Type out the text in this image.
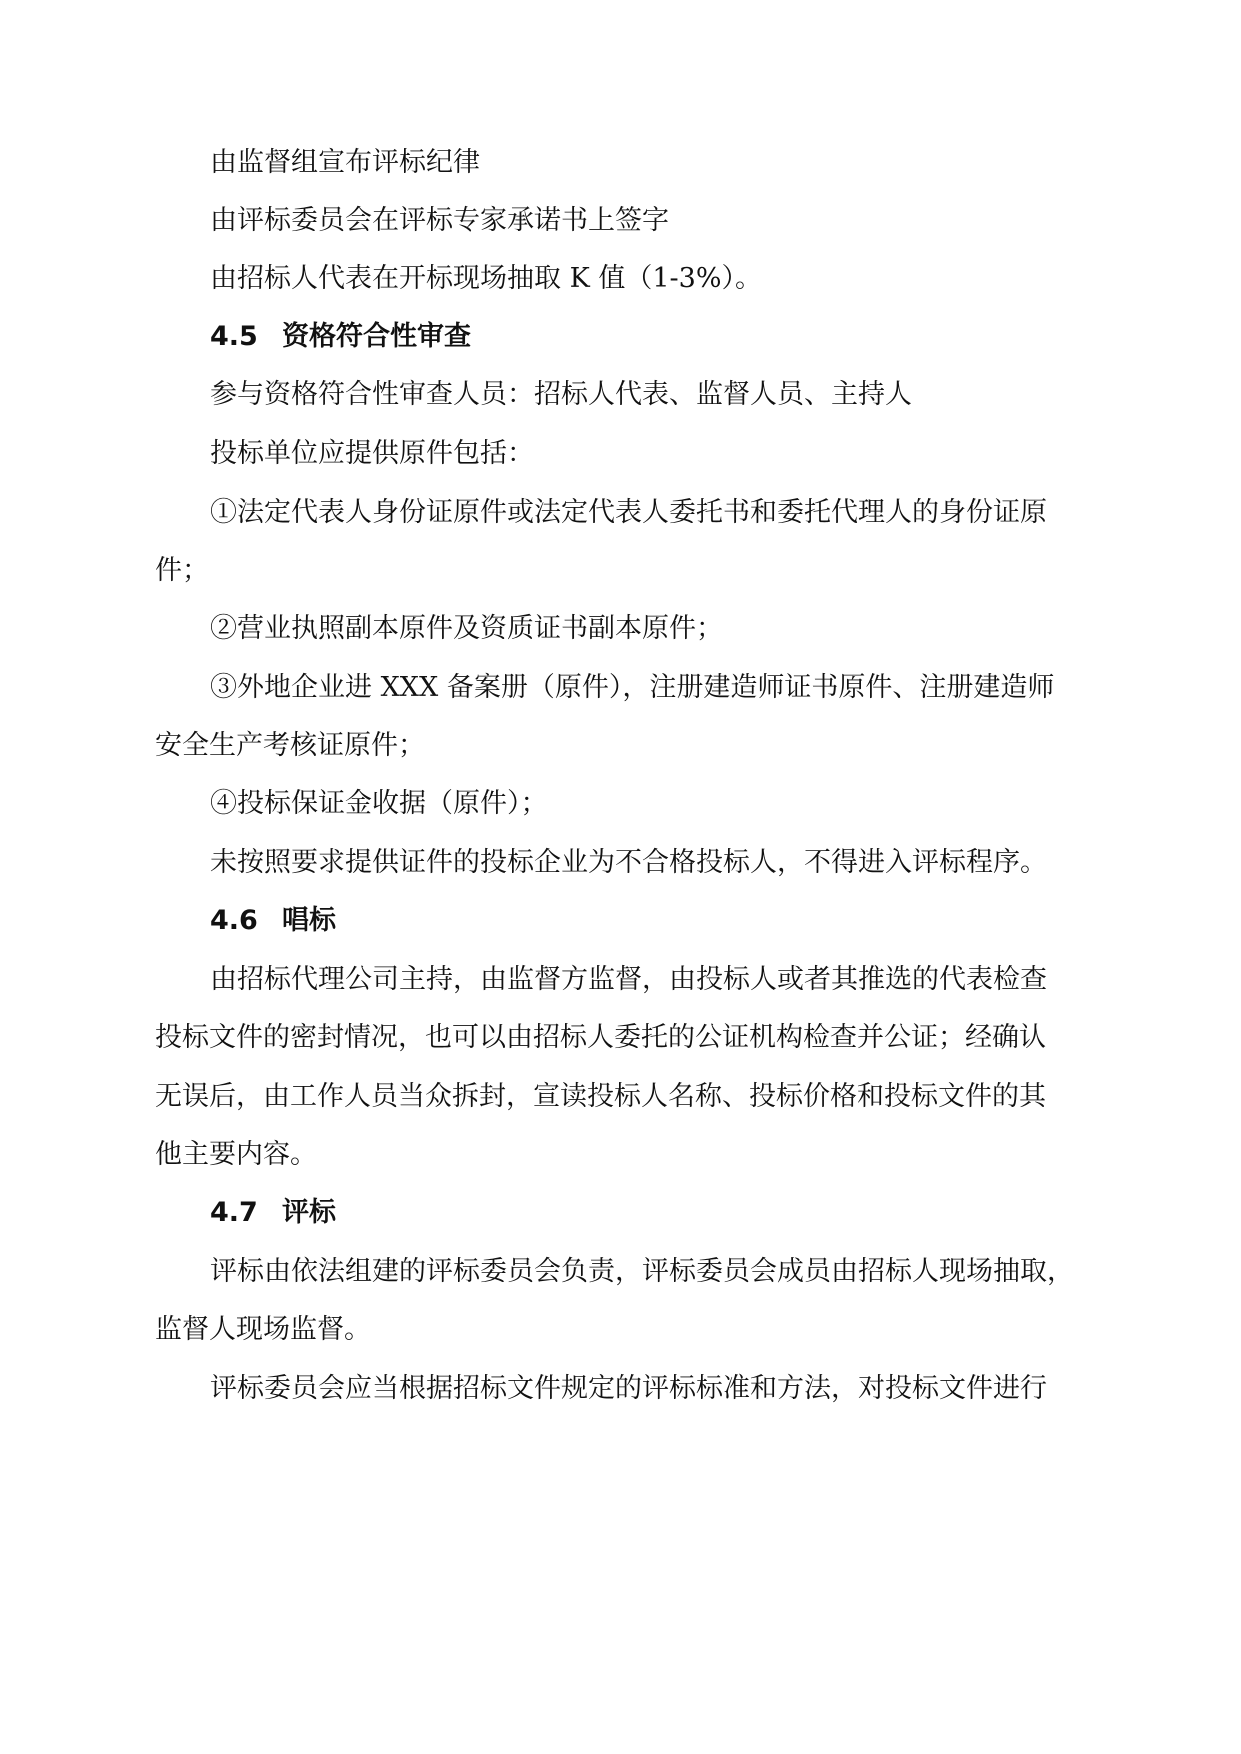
由监督组宣布评标纪律
由评标委员会在评标专家承诺书上签字
由招标人代表在开标现场抽取 K 值（1-3%）。
4.5 资格符合性审查
参与资格符合性审查人员：招标人代表、监督人员、主持人
投标单位应提供原件包括：
①法定代表人身份证原件或法定代表人委托书和委托代理人的身份证原
件；
②营业执照副本原件及资质证书副本原件；
③外地企业进 XXX 备案册（原件），注册建造师证书原件、注册建造师
安全生产考核证原件；
④投标保证金收据（原件）；
未按照要求提供证件的投标企业为不合格投标人，不得进入评标程序。
4.6 唱标
由招标代理公司主持，由监督方监督，由投标人或者其推选的代表检查
投标文件的密封情况，也可以由招标人委托的公证机构检查并公证；经确认
无误后，由工作人员当众拆封，宣读投标人名称、投标价格和投标文件的其
他主要内容。
4.7 评标
评标由依法组建的评标委员会负责，评标委员会成员由招标人现场抽取，
监督人现场监督。
评标委员会应当根据招标文件规定的评标标准和方法，对投标文件进行
